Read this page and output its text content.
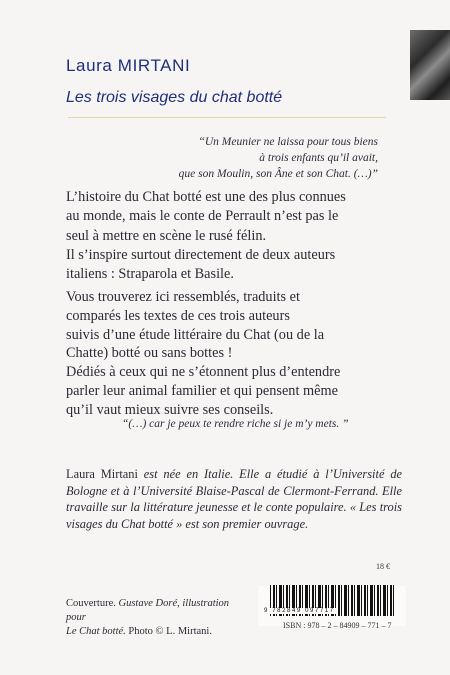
Laura MIRTANI
Les trois visages du chat botté
“Un Meunier ne laissa pour tous biens
à trois enfants qu’il avait,
que son Moulin, son Âne et son Chat. (…)”
L’histoire du Chat botté est une des plus connues
au monde, mais le conte de Perrault n’est pas le
seul à mettre en scène le rusé félin.
Il s’inspire surtout directement de deux auteurs
italiens : Straparola et Basile.
Vous trouverez ici ressemblés, traduits et
comparés les textes de ces trois auteurs
suivis d’une étude littéraire du Chat (ou de la
Chatte) botté ou sans bottes !
Dédiés à ceux qui ne s’étonnent plus d’entendre
parler leur animal familier et qui pensent même
qu’il vaut mieux suivre ses conseils.
“(…) car je peux te rendre riche si je m’y mets. ”
Laura Mirtani est née en Italie. Elle a étudié à l’Université de Bologne et à l’Université Blaise-Pascal de Clermont-Ferrand. Elle travaille sur la littérature jeunesse et le conte populaire. « Les trois visages du Chat botté » est son premier ouvrage.
18 €
Couverture. Gustave Doré, illustration pour
Le Chat botté. Photo © L. Mirtani.
9 782849 097717
ISBN : 978 – 2 – 84909 – 771 – 7
